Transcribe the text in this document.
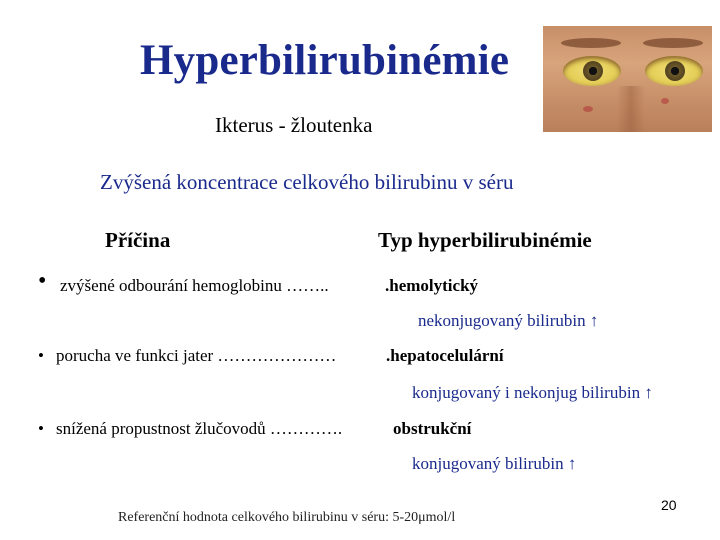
Hyperbilirubinémie
Ikterus - žloutenka
Zvýšená koncentrace celkového bilirubinu v séru
Příčina	Typ hyperbilirubinémie
• zvýšené odbourání hemoglobinu ……..	.hemolytický
nekonjugovaný bilirubin ↑
• porucha ve funkci jater …………………	.hepatocelulární
konjugovaný i nekonjug bilirubin ↑
• snížená propustnost žlučovodů ………….	obstrukční
konjugovaný bilirubin ↑
Referenční hodnota celkového bilirubinu v séru: 5-20μmol/l
20
